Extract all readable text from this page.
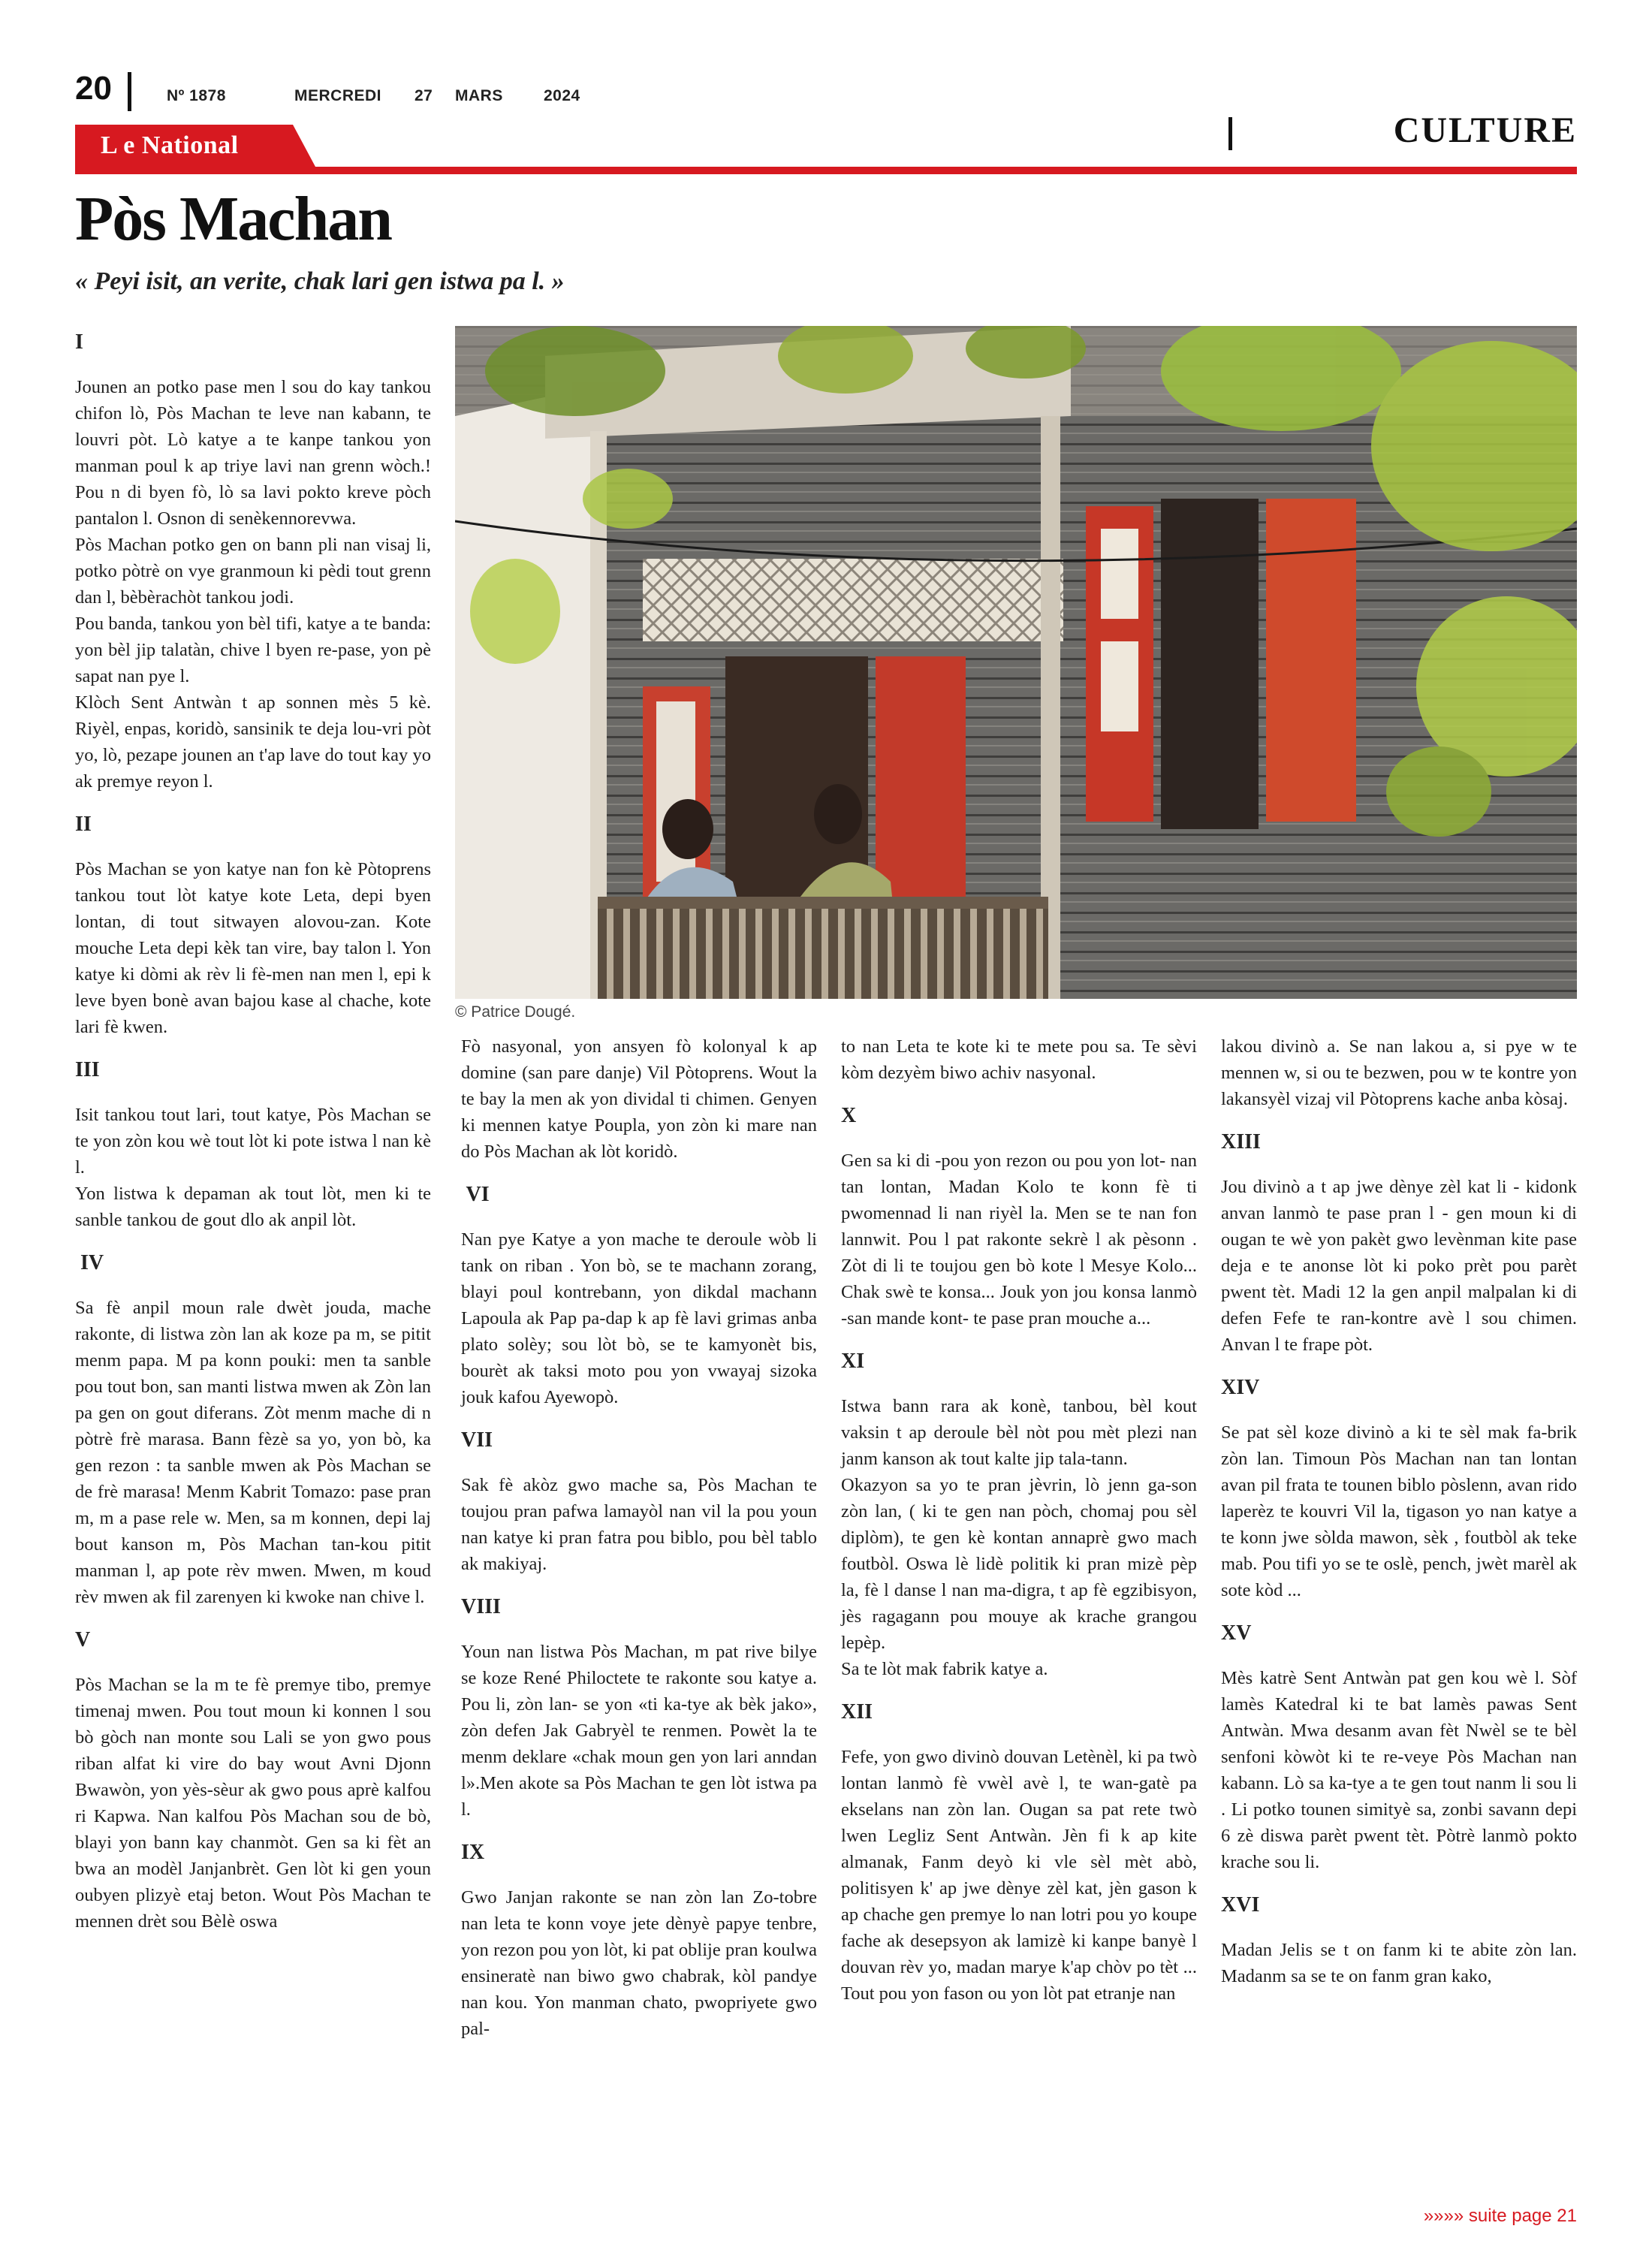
20	Nº 1878	MERCREDI 27 MARS	2024
CULTURE
L e National
Pòs Machan
« Peyi isit, an verite, chak lari gen istwa pa l. »
© Patrice Dougé.
I

Jounen an potko pase men l sou do kay tankou chifon lò, Pòs Machan te leve nan kabann, te louvri pòt. Lò katye a te kanpe tankou yon manman poul k ap triye lavi nan grenn wòch.! Pou n di byen fò, lò sa lavi pokto kreve pòch pantalon l. Osnon di senèkennorevwa.

Pòs Machan potko gen on bann pli nan visaj li, potko pòtrè on vye granmoun ki pèdi tout grenn dan l, bèbèrachòt tankou jodi.

Pou banda, tankou yon bèl tifi, katye a te banda: yon bèl jip talatàn, chive l byen re-pase, yon pè sapat nan pye l.

Klòch Sent Antwàn t ap sonnen mès 5 kè. Riyèl, enpas, koridò, sansinik te deja lou-vri pòt yo, lò, pezape jounen an t'ap lave do tout kay yo ak premye reyon l.

II

Pòs Machan se yon katye nan fon kè Pòtoprens tankou tout lòt katye kote Leta, depi byen lontan, di tout sitwayen alovou-zan. Kote mouche Leta depi kèk tan vire, bay talon l. Yon katye ki dòmi ak rèv li fè-men nan men l, epi k leve byen bonè avan bajou kase al chache, kote lari fè kwen.

III

Isit tankou tout lari, tout katye, Pòs Machan se te yon zòn kou wè tout lòt ki pote istwa l nan kè l.

Yon listwa k depaman ak tout lòt, men ki te sanble tankou de gout dlo ak anpil lòt.

IV

Sa fè anpil moun rale dwèt jouda, mache rakonte, di listwa zòn lan ak koze pa m, se pitit menm papa. M pa konn pouki: men ta sanble pou tout bon, san manti listwa mwen ak Zòn lan pa gen on gout diferans. Zòt menm mache di n pòtrè frè marasa. Bann fèzè sa yo, yon bò, ka gen rezon : ta sanble mwen ak Pòs Machan se de frè marasa! Menm Kabrit Tomazo: pase pran m, m a pase rele w. Men, sa m konnen, depi laj bout kanson m, Pòs Machan tan-kou pitit manman l, ap pote rèv mwen. Mwen, m koud rèv mwen ak fil zarenyen ki kwoke nan chive l.

V

Pòs Machan se la m te fè premye tibo, premye timenaj mwen. Pou tout moun ki konnen l sou bò gòch nan monte sou Lali se yon gwo pous riban alfat ki vire do bay wout Avni Djonn Bwawòn, yon yès-sèur ak gwo pous aprè kalfou ri Kapwa. Nan kalfou Pòs Machan sou de bò, blayi yon bann kay chanmòt. Gen sa ki fèt an bwa an modèl Janjanbrèt. Gen lòt ki gen youn oubyen plizyè etaj beton. Wout Pòs Machan te mennen drèt sou Bèlè oswa

Fò nasyonal, yon ansyen fò kolonyal k ap domine (san pare danje) Vil Pòtoprens. Wout la te bay la men ak yon dividal ti chimen. Genyen ki mennen katye Poupla, yon zòn ki mare nan do Pòs Machan ak lòt koridò.

VI

Nan pye Katye a yon mache te deroule wòb li tank on riban . Yon bò, se te machann zorang, blayi poul kontrebann, yon dikdal machann Lapoula ak Pap pa-dap k ap fè lavi grimas anba plato solèy; sou lòt bò, se te kamyonèt bis, bourèt ak taksi moto pou yon vwayaj sizoka jouk kafou Ayewopò.

VII

Sak fè akòz gwo mache sa, Pòs Machan te toujou pran pafwa lamayòl nan vil la pou youn nan katye ki pran fatra pou biblo, pou bèl tablo ak makiyaj.

VIII

Youn nan listwa Pòs Machan, m pat rive bilye se koze René Philoctete te rakonte sou katye a. Pou li, zòn lan- se yon «ti ka-tye ak bèk jako», zòn defen Jak Gabryèl te renmen. Powèt la te menm deklare «chak moun gen yon lari anndan l».Men akote sa Pòs Machan te gen lòt istwa pa l.

IX

Gwo Janjan rakonte se nan zòn lan Zo-tobre nan leta te konn voye jete dènyè papye tenbre, yon rezon pou yon lòt, ki pat oblije pran koulwa ensineratè nan biwo gwo chabrak, kòl pandye nan kou. Yon manman chato, pwopriyete gwo pal-

to nan Leta te kote ki te mete pou sa. Te sèvi kòm dezyèm biwo achiv nasyonal.

X

Gen sa ki di -pou yon rezon ou pou yon lot- nan tan lontan, Madan Kolo te konn fè ti pwomennad li nan riyèl la. Men se te nan fon lannwit. Pou l pat rakonte sekrè l ak pèsonn . Zòt di li te toujou gen bò kote l Mesye Kolo... Chak swè te konsa... Jouk yon jou konsa lanmò -san mande kont- te pase pran mouche a...

XI

Istwa bann rara ak konè, tanbou, bèl kout vaksin t ap deroule bèl nòt pou mèt plezi nan janm kanson ak tout kalte jip tala-tann.

Okazyon sa yo te pran jèvrin, lò jenn ga-son zòn lan, ( ki te gen nan pòch, chomaj pou sèl diplòm), te gen kè kontan annaprè gwo mach foutbòl. Oswa lè lidè politik ki pran mizè pèp la, fè l danse l nan ma-digra, t ap fè egzibisyon, jès ragagann pou mouye ak krache grangou lepèp.

Sa te lòt mak fabrik katye a.

XII

Fefe, yon gwo divinò douvan Letènèl, ki pa twò lontan lanmò fè vwèl avè l, te wan-gatè pa ekselans nan zòn lan. Ougan sa pat rete twò lwen Legliz Sent Antwàn. Jèn fi k ap kite almanak, Fanm deyò ki vle sèl mèt abò, politisyen k' ap jwe dènye zèl kat, jèn gason k ap chache gen premye lo nan lotri pou yo koupe fache ak desepsyon ak lamizè ki kanpe banyè l douvan rèv yo, madan marye k'ap chòv po tèt ... Tout pou yon fason ou yon lòt pat etranje nan

lakou divinò a. Se nan lakou a, si pye w te mennen w, si ou te bezwen, pou w te kontre yon lakansyèl vizaj vil Pòtoprens kache anba kòsaj.

XIII

Jou divinò a t ap jwe dènye zèl kat li - kidonk anvan lanmò te pase pran l - gen moun ki di ougan te wè yon pakèt gwo levènman kite pase deja e te anonse lòt ki poko prèt pou parèt pwent tèt. Madi 12 la gen anpil malpalan ki di defen Fefe te ran-kontre avè l sou chimen. Anvan l te frape pòt.

XIV

Se pat sèl koze divinò a ki te sèl mak fa-brik zòn lan. Timoun Pòs Machan nan tan lontan avan pil frata te tounen biblo pòslenn, avan rido laperèz te kouvri Vil la, tigason yo nan katye a te konn jwe sòlda mawon, sèk , foutbòl ak teke mab. Pou tifi yo se te oslè, pench, jwèt marèl ak sote kòd ...

XV

Mès katrè Sent Antwàn pat gen kou wè l. Sòf lamès Katedral ki te bat lamès pawas Sent Antwàn. Mwa desanm avan fèt Nwèl se te bèl senfoni kòwòt ki te re-veye Pòs Machan nan kabann. Lò sa ka-tye a te gen tout nanm li sou li . Li potko tounen simityè sa, zonbi savann depi 6 zè diswa parèt pwent tèt. Pòtrè lanmò pokto krache sou li.

XVI

Madan Jelis se t on fanm ki te abite zòn lan. Madanm sa se te on fanm gran kako,

»»»» suite page 21
